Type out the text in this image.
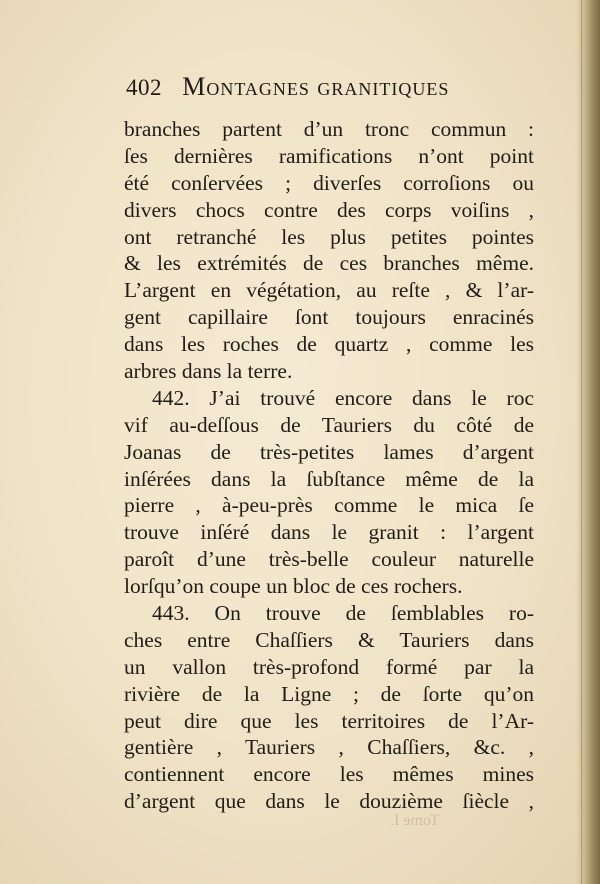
402 Montagnes granitiques
branches partent d’un tronc commun :
ſes dernières ramifications n’ont point
été conſervées ; diverſes corroſions ou
divers chocs contre des corps voiſins ,
ont retranché les plus petites pointes
& les extrémités de ces branches même.
L’argent en végétation, au reſte , & l’ar-
gent capillaire ſont toujours enracinés
dans les roches de quartz , comme les
arbres dans la terre.
442. J’ai trouvé encore dans le roc
vif au-deſſous de Tauriers du côté de
Joanas de très-petites lames d’argent
inſérées dans la ſubſtance même de la
pierre , à-peu-près comme le mica ſe
trouve inſéré dans le granit : l’argent
paroît d’une très-belle couleur naturelle
lorſqu’on coupe un bloc de ces rochers.
443. On trouve de ſemblables ro-
ches entre Chaſſiers & Tauriers dans
un vallon très-profond formé par la
rivière de la Ligne ; de ſorte qu’on
peut dire que les territoires de l’Ar-
gentière , Tauriers , Chaſſiers, &c. ,
contiennent encore les mêmes mines
d’argent que dans le douzième ſiècle ,
Tome I.
